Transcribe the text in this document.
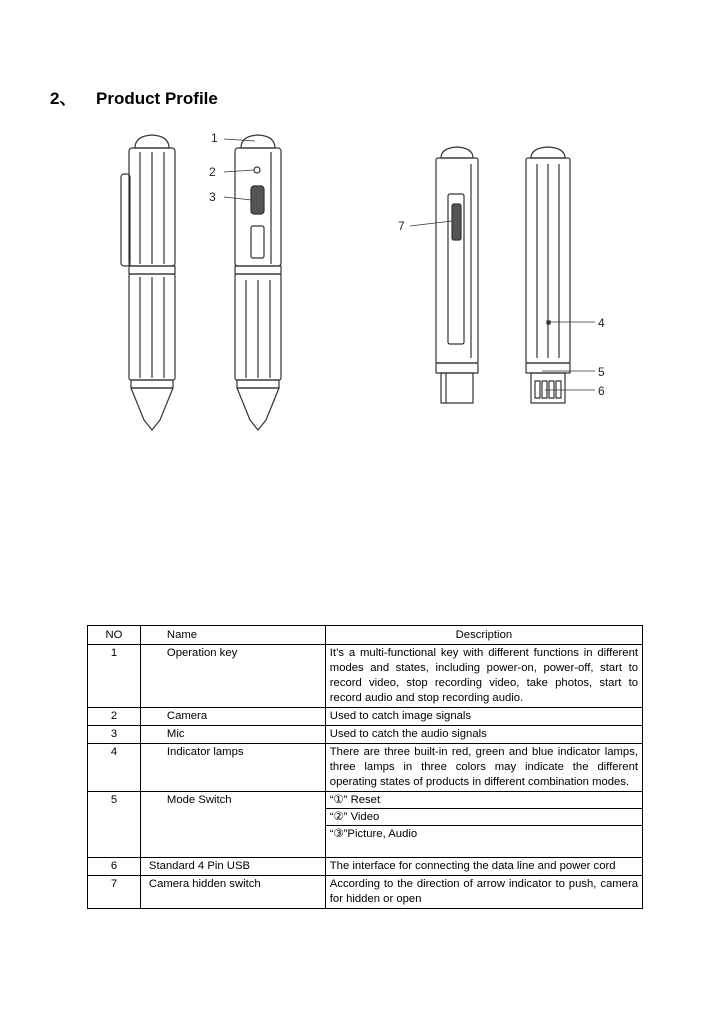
2、 Product Profile
1
2
3
7
4
5
6
NO	Name	Description
1	Operation key	It’s a multi-functional key with different functions in different modes and states, including power-on, power-off, start to record video, stop recording video, take photos, start to record audio and stop recording audio.
2	Camera	Used to catch image signals
3	Mic	Used to catch the audio signals
4	Indicator lamps	There are three built-in red, green and blue indicator lamps, three lamps in three colors may indicate the different operating states of products in different combination modes.
5	Mode Switch	“①” Reset
“②” Video
“③”Picture, Audio

6	Standard 4 Pin USB	The interface for connecting the data line and power cord
7	Camera hidden switch	According to the direction of arrow indicator to push, camera for hidden or open
